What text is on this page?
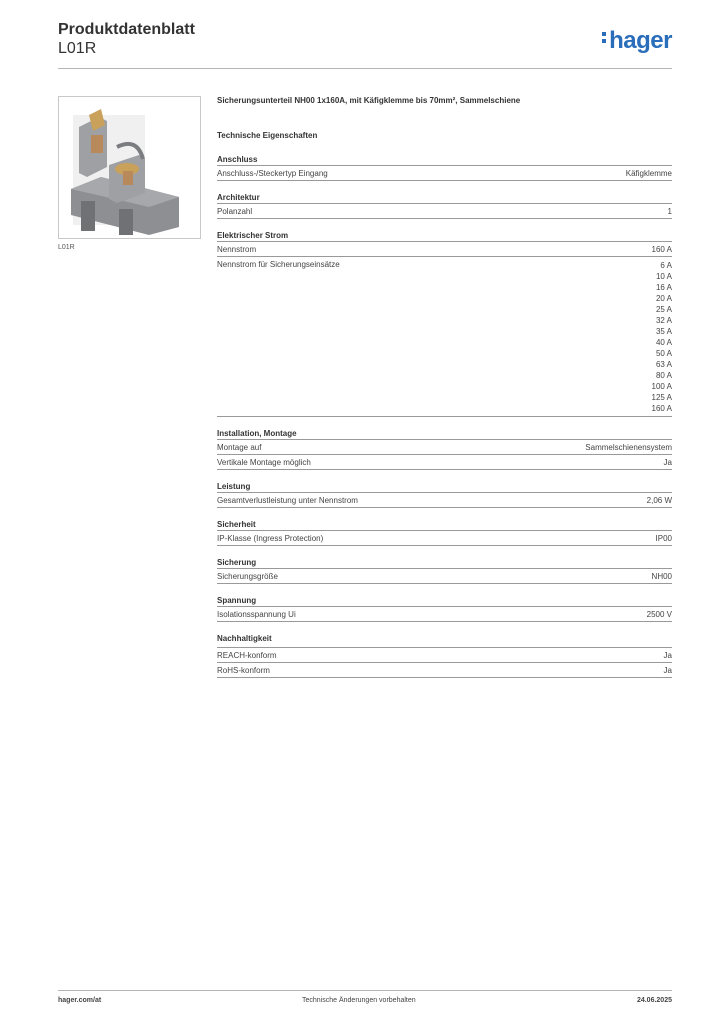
Produktdatenblatt
L01R	hager
L01R
Sicherungsunterteil NH00 1x160A, mit Käfigklemme bis 70mm², Sammelschiene
Technische Eigenschaften
Anschluss
Anschluss-/Steckertyp Eingang	Käfigklemme
Architektur
Polanzahl	1
Elektrischer Strom
Nennstrom	160 A
Nennstrom für Sicherungseinsätze	6 A
10 A
16 A
20 A
25 A
32 A
35 A
40 A
50 A
63 A
80 A
100 A
125 A
160 A
Installation, Montage
Montage auf	Sammelschienensystem
Vertikale Montage möglich	Ja
Leistung
Gesamtverlustleistung unter Nennstrom	2,06 W
Sicherheit
IP-Klasse (Ingress Protection)	IP00
Sicherung
Sicherungsgröße	NH00
Spannung
Isolationsspannung Ui	2500 V
Nachhaltigkeit
REACH-konform	Ja
RoHS-konform	Ja
hager.com/at	Technische Änderungen vorbehalten	24.06.2025
